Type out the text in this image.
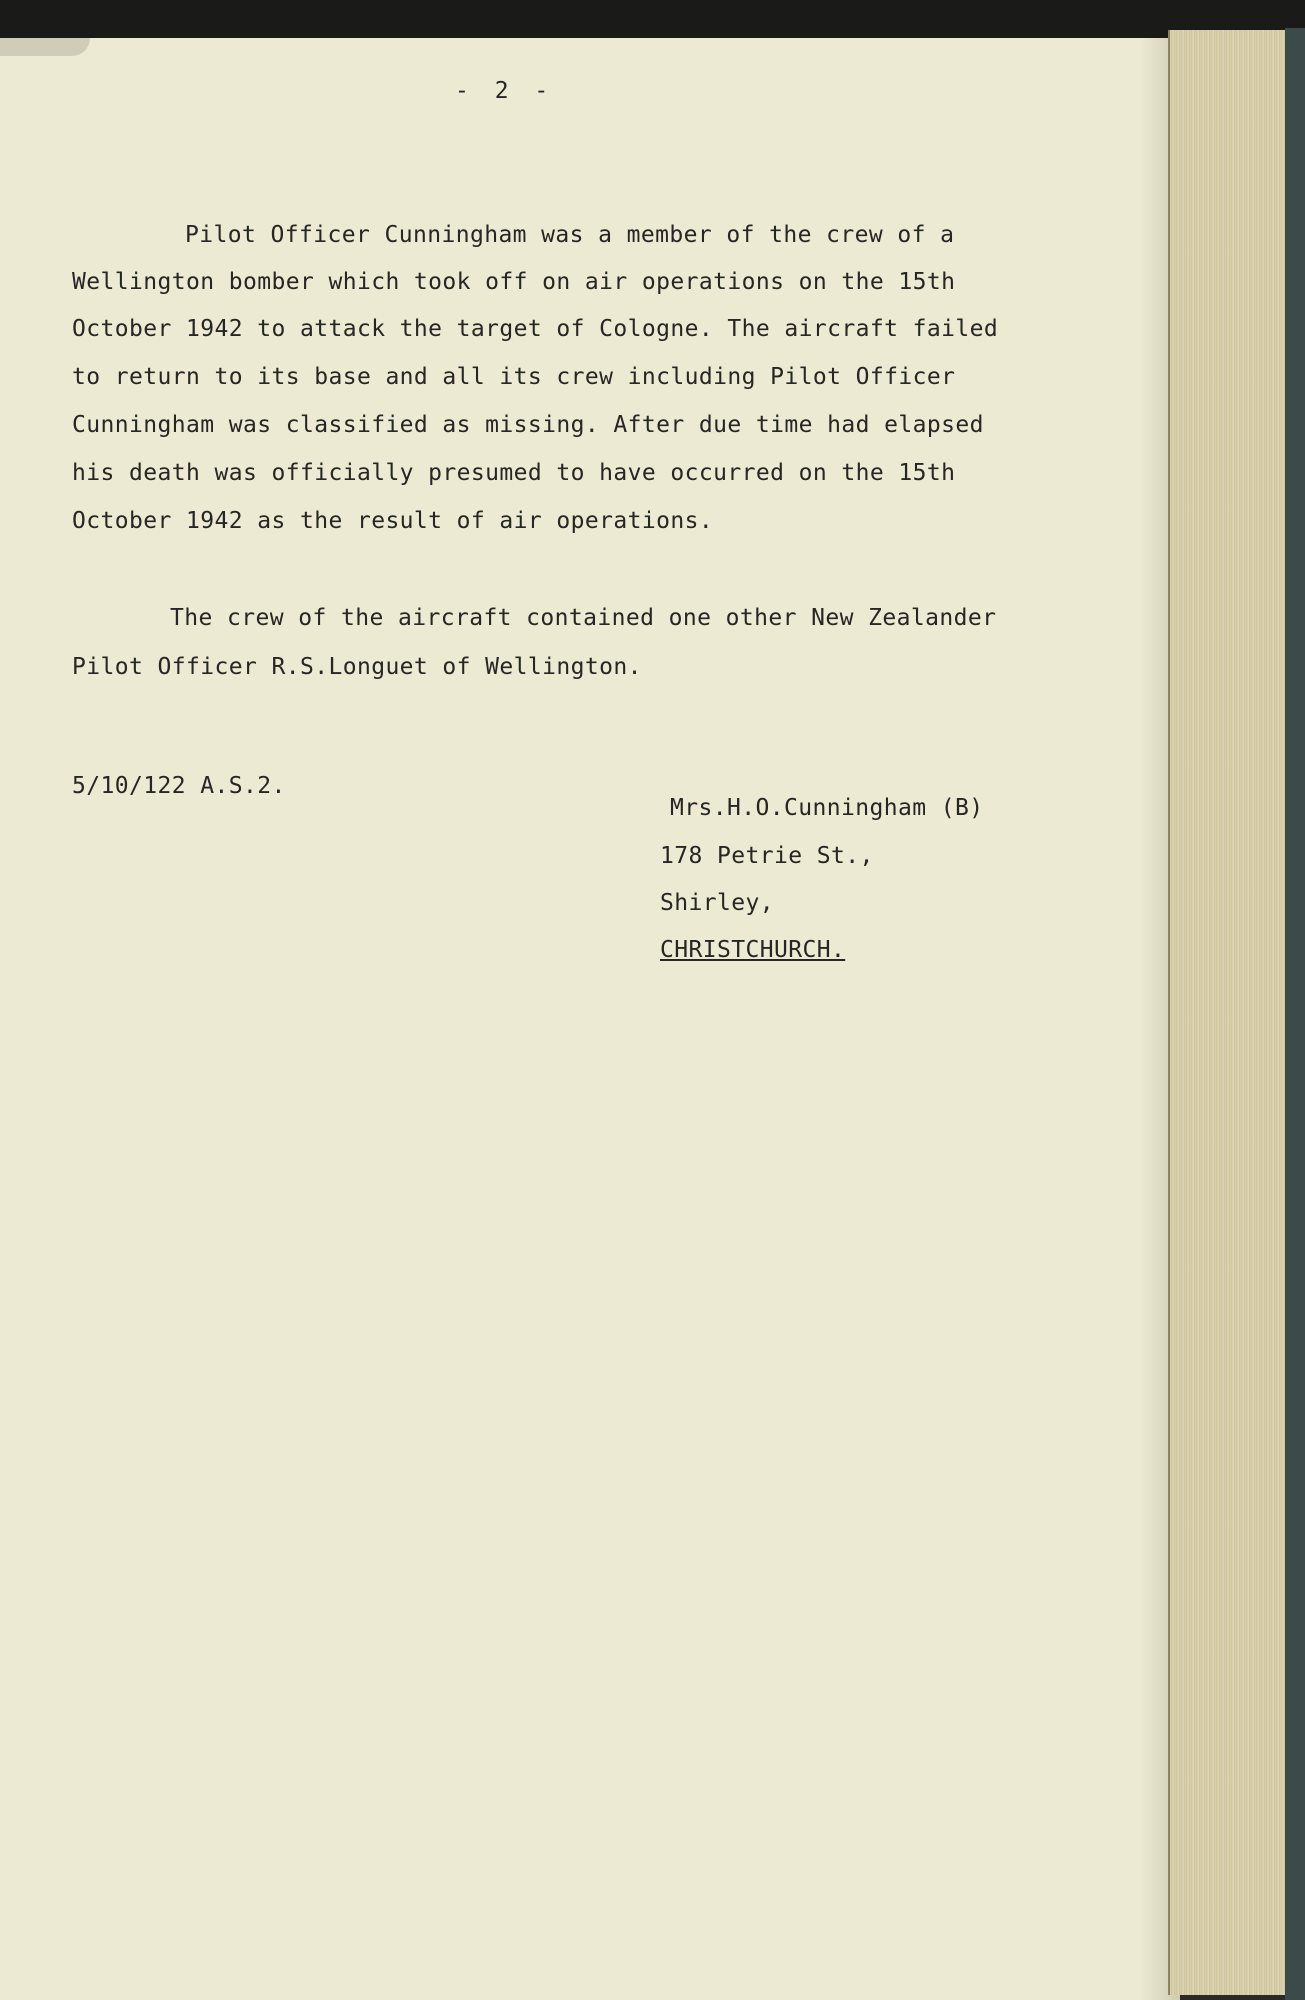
- 2 -
Pilot Officer Cunningham was a member of the crew of a
Wellington bomber which took off on air operations on the 15th
October 1942 to attack the target of Cologne. The aircraft failed
to return to its base and all its crew including Pilot Officer
Cunningham was classified as missing. After due time had elapsed
his death was officially presumed to have occurred on the 15th
October 1942 as the result of air operations.
The crew of the aircraft contained one other New Zealander
Pilot Officer R.S.Longuet of Wellington.
5/10/122 A.S.2.
Mrs.H.O.Cunningham (B)
178 Petrie St.,
Shirley,
CHRISTCHURCH.
